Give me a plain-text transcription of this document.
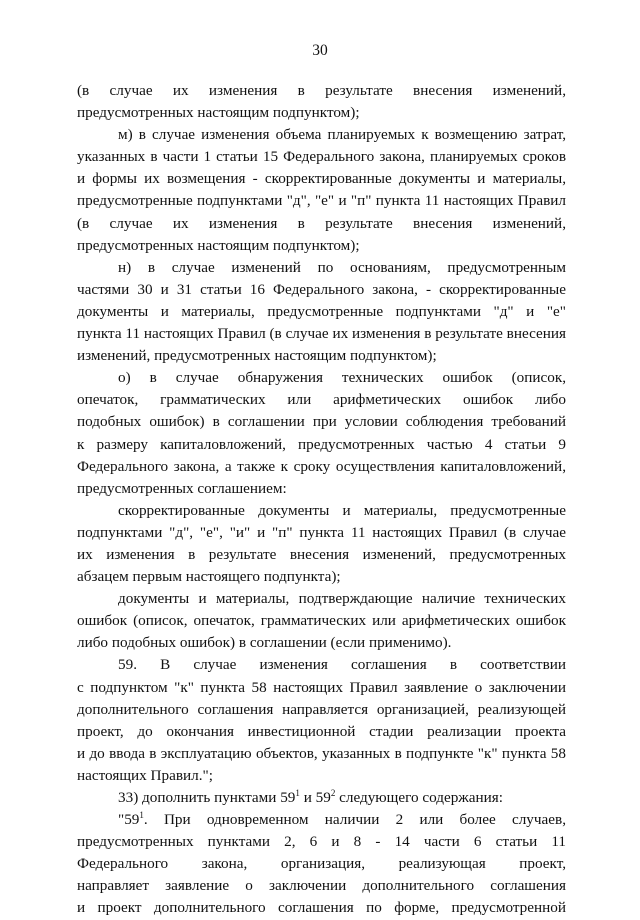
30
(в случае их изменения в результате внесения изменений,
предусмотренных настоящим подпунктом);
м) в случае изменения объема планируемых к возмещению затрат,
указанных в части 1 статьи 15 Федерального закона, планируемых сроков
и формы их возмещения - скорректированные документы и материалы,
предусмотренные подпунктами "д", "е" и "п" пункта 11 настоящих Правил
(в случае их изменения в результате внесения изменений,
предусмотренных настоящим подпунктом);
н) в случае изменений по основаниям, предусмотренным
частями 30 и 31 статьи 16 Федерального закона, - скорректированные
документы и материалы, предусмотренные подпунктами "д" и "е"
пункта 11 настоящих Правил (в случае их изменения в результате внесения
изменений, предусмотренных настоящим подпунктом);
о) в случае обнаружения технических ошибок (описок,
опечаток, грамматических или арифметических ошибок либо
подобных ошибок) в соглашении при условии соблюдения требований
к размеру капиталовложений, предусмотренных частью 4 статьи 9
Федерального закона, а также к сроку осуществления капиталовложений,
предусмотренных соглашением:
скорректированные документы и материалы, предусмотренные
подпунктами "д", "е", "и" и "п" пункта 11 настоящих Правил (в случае
их изменения в результате внесения изменений, предусмотренных
абзацем первым настоящего подпункта);
документы и материалы, подтверждающие наличие технических
ошибок (описок, опечаток, грамматических или арифметических ошибок
либо подобных ошибок) в соглашении (если применимо).
59. В случае изменения соглашения в соответствии
с подпунктом "к" пункта 58 настоящих Правил заявление о заключении
дополнительного соглашения направляется организацией, реализующей
проект, до окончания инвестиционной стадии реализации проекта
и до ввода в эксплуатацию объектов, указанных в подпункте "к" пункта 58
настоящих Правил.";
33) дополнить пунктами $59^1$ и $59^2$ следующего содержания:
"$59^1$. При одновременном наличии 2 или более случаев,
предусмотренных пунктами 2, 6 и 8 - 14 части 6 статьи 11
Федерального закона, организация, реализующая проект,
направляет заявление о заключении дополнительного соглашения
и проект дополнительного соглашения по форме, предусмотренной
